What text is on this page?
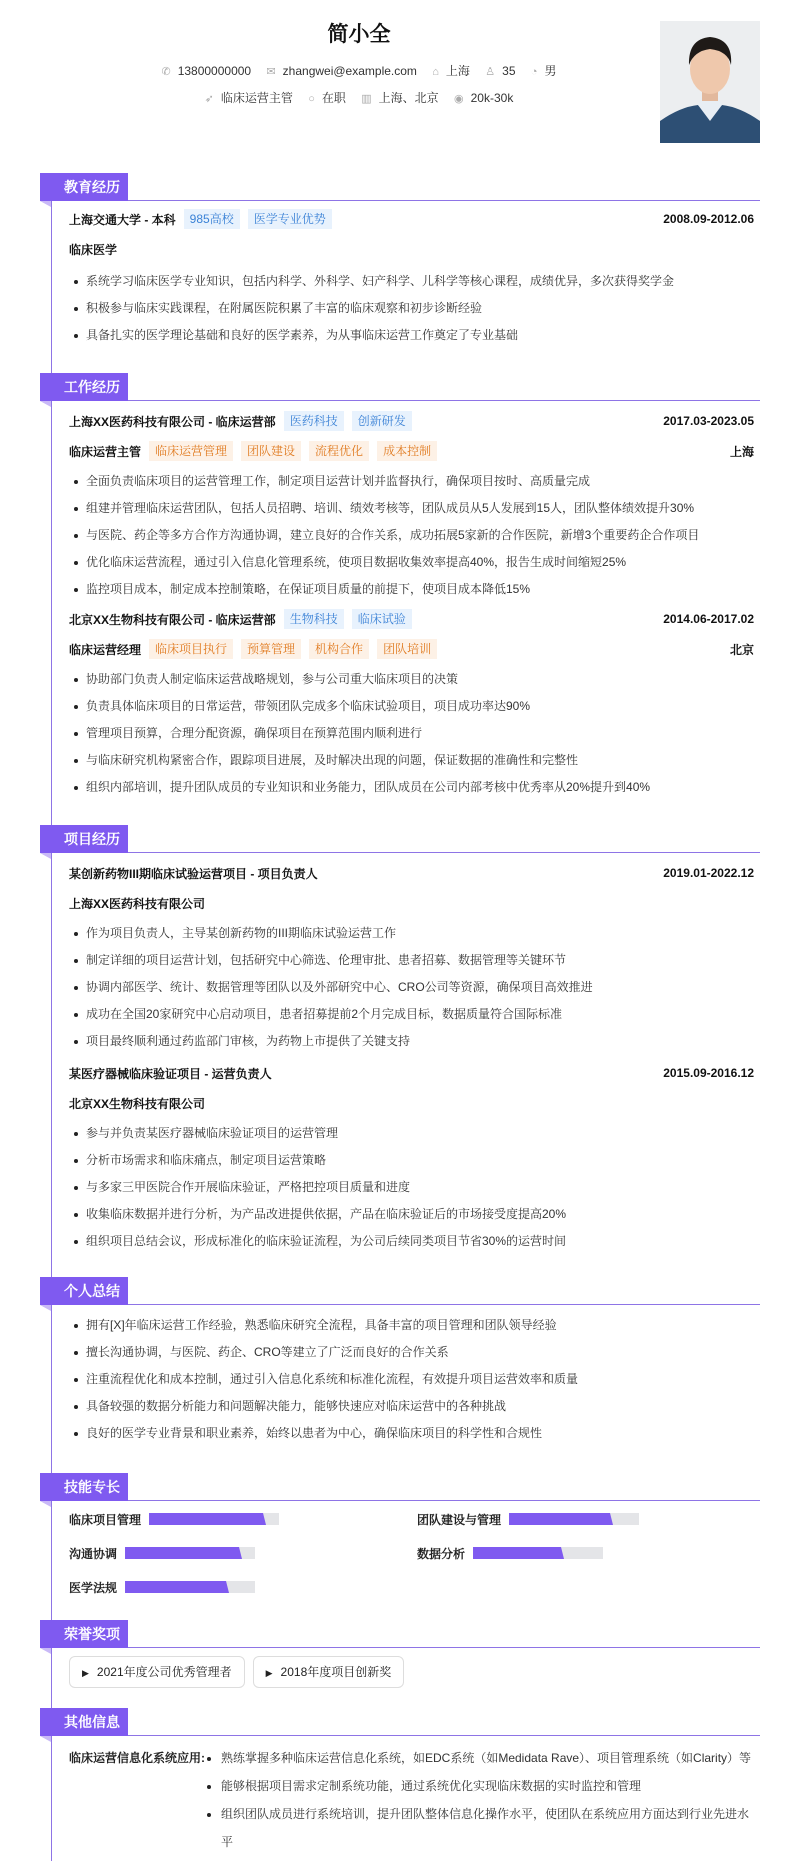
简小全
✆ 13800000000 ✉ zhangwei@example.com ⌂ 上海 ♙ 35 ◔ 男
➶ 临床运营主管 ○ 在职 ▥ 上海、北京 ◉ 20k-30k
教育经历
上海交通大学 - 本科	985高校	医学专业优势	2008.09-2012.06
临床医学
系统学习临床医学专业知识，包括内科学、外科学、妇产科学、儿科学等核心课程，成绩优异，多次获得奖学金
积极参与临床实践课程，在附属医院积累了丰富的临床观察和初步诊断经验
具备扎实的医学理论基础和良好的医学素养，为从事临床运营工作奠定了专业基础
工作经历
上海XX医药科技有限公司 - 临床运营部	医药科技	创新研发	2017.03-2023.05
临床运营主管	临床运营管理	团队建设	流程优化	成本控制	上海
全面负责临床项目的运营管理工作，制定项目运营计划并监督执行，确保项目按时、高质量完成
组建并管理临床运营团队，包括人员招聘、培训、绩效考核等，团队成员从5人发展到15人，团队整体绩效提升30%
与医院、药企等多方合作方沟通协调，建立良好的合作关系，成功拓展5家新的合作医院，新增3个重要药企合作项目
优化临床运营流程，通过引入信息化管理系统，使项目数据收集效率提高40%，报告生成时间缩短25%
监控项目成本，制定成本控制策略，在保证项目质量的前提下，使项目成本降低15%
北京XX生物科技有限公司 - 临床运营部	生物科技	临床试验	2014.06-2017.02
临床运营经理	临床项目执行	预算管理	机构合作	团队培训	北京
协助部门负责人制定临床运营战略规划，参与公司重大临床项目的决策
负责具体临床项目的日常运营，带领团队完成多个临床试验项目，项目成功率达90%
管理项目预算，合理分配资源，确保项目在预算范围内顺利进行
与临床研究机构紧密合作，跟踪项目进展，及时解决出现的问题，保证数据的准确性和完整性
组织内部培训，提升团队成员的专业知识和业务能力，团队成员在公司内部考核中优秀率从20%提升到40%
项目经历
某创新药物III期临床试验运营项目 - 项目负责人	2019.01-2022.12
上海XX医药科技有限公司
作为项目负责人，主导某创新药物的III期临床试验运营工作
制定详细的项目运营计划，包括研究中心筛选、伦理审批、患者招募、数据管理等关键环节
协调内部医学、统计、数据管理等团队以及外部研究中心、CRO公司等资源，确保项目高效推进
成功在全国20家研究中心启动项目，患者招募提前2个月完成目标，数据质量符合国际标准
项目最终顺利通过药监部门审核，为药物上市提供了关键支持
某医疗器械临床验证项目 - 运营负责人	2015.09-2016.12
北京XX生物科技有限公司
参与并负责某医疗器械临床验证项目的运营管理
分析市场需求和临床痛点，制定项目运营策略
与多家三甲医院合作开展临床验证，严格把控项目质量和进度
收集临床数据并进行分析，为产品改进提供依据，产品在临床验证后的市场接受度提高20%
组织项目总结会议，形成标准化的临床验证流程，为公司后续同类项目节省30%的运营时间
个人总结
拥有[X]年临床运营工作经验，熟悉临床研究全流程，具备丰富的项目管理和团队领导经验
擅长沟通协调，与医院、药企、CRO等建立了广泛而良好的合作关系
注重流程优化和成本控制，通过引入信息化系统和标准化流程，有效提升项目运营效率和质量
具备较强的数据分析能力和问题解决能力，能够快速应对临床运营中的各种挑战
良好的医学专业背景和职业素养，始终以患者为中心，确保临床项目的科学性和合规性
技能专长
临床项目管理	团队建设与管理
沟通协调	数据分析
医学法规
荣誉奖项
▶ 2021年度公司优秀管理者	▶ 2018年度项目创新奖
其他信息
临床运营信息化系统应用:	熟练掌握多种临床运营信息化系统，如EDC系统（如Medidata Rave）、项目管理系统（如Clarity）等
能够根据项目需求定制系统功能，通过系统优化实现临床数据的实时监控和管理
组织团队成员进行系统培训，提升团队整体信息化操作水平，使团队在系统应用方面达到行业先进水平
